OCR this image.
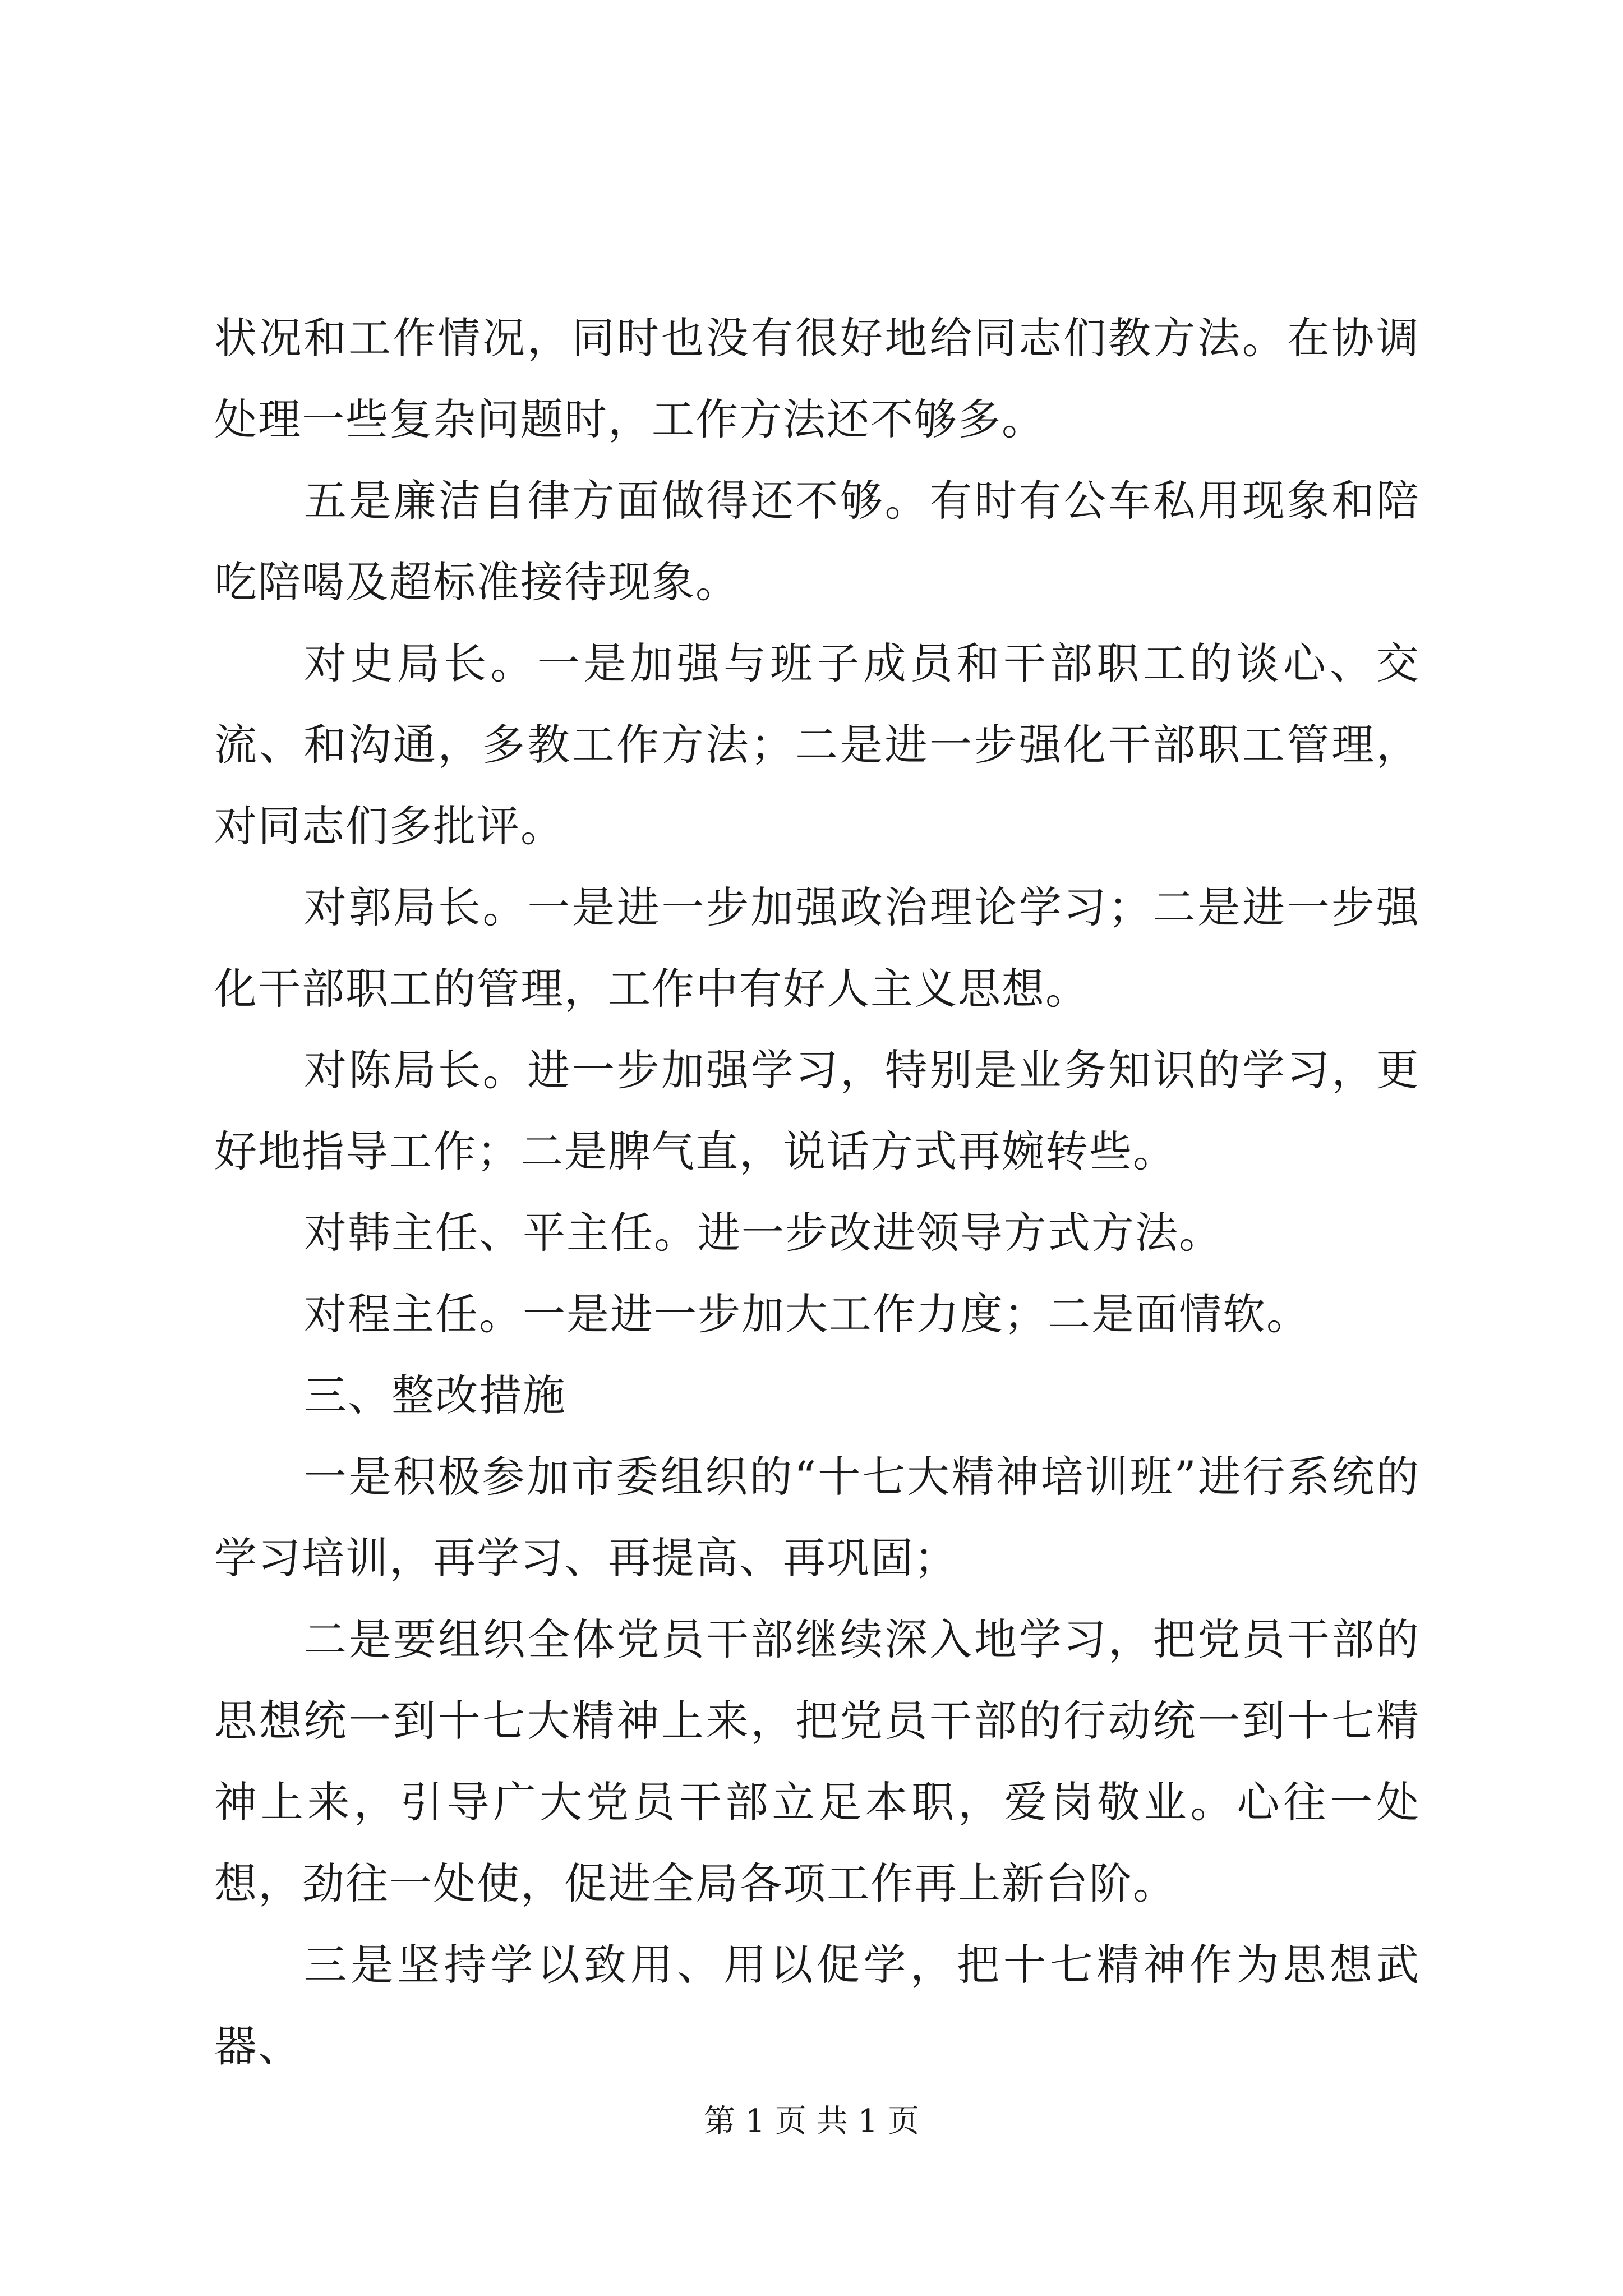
状况和工作情况，同时也没有很好地给同志们教方法。在协调处理一些复杂问题时，工作方法还不够多。

五是廉洁自律方面做得还不够。有时有公车私用现象和陪吃陪喝及超标准接待现象。

对史局长。一是加强与班子成员和干部职工的谈心、交流、和沟通，多教工作方法；二是进一步强化干部职工管理，对同志们多批评。

对郭局长。一是进一步加强政治理论学习；二是进一步强化干部职工的管理，工作中有好人主义思想。

对陈局长。进一步加强学习，特别是业务知识的学习，更好地指导工作；二是脾气直，说话方式再婉转些。

对韩主任、平主任。进一步改进领导方式方法。

对程主任。一是进一步加大工作力度；二是面情软。

三、整改措施

一是积极参加市委组织的“十七大精神培训班”进行系统的学习培训，再学习、再提高、再巩固；

二是要组织全体党员干部继续深入地学习，把党员干部的思想统一到十七大精神上来，把党员干部的行动统一到十七精神上来，引导广大党员干部立足本职，爱岗敬业。心往一处想，劲往一处使，促进全局各项工作再上新台阶。

三是坚持学以致用、用以促学，把十七精神作为思想武器、

第 1 页 共 1 页
